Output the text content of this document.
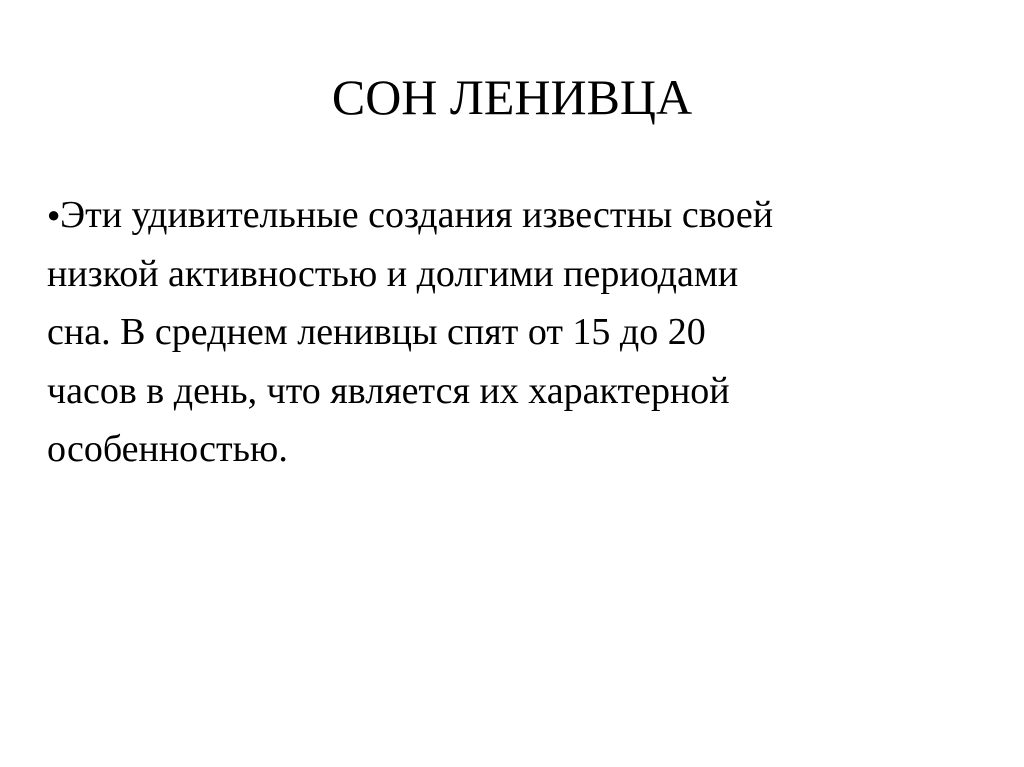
СОН ЛЕНИВЦА

● Эти удивительные создания известны своей
низкой активностью и долгими периодами
сна. В среднем ленивцы спят от 15 до 20
часов в день, что является их характерной
особенностью.
